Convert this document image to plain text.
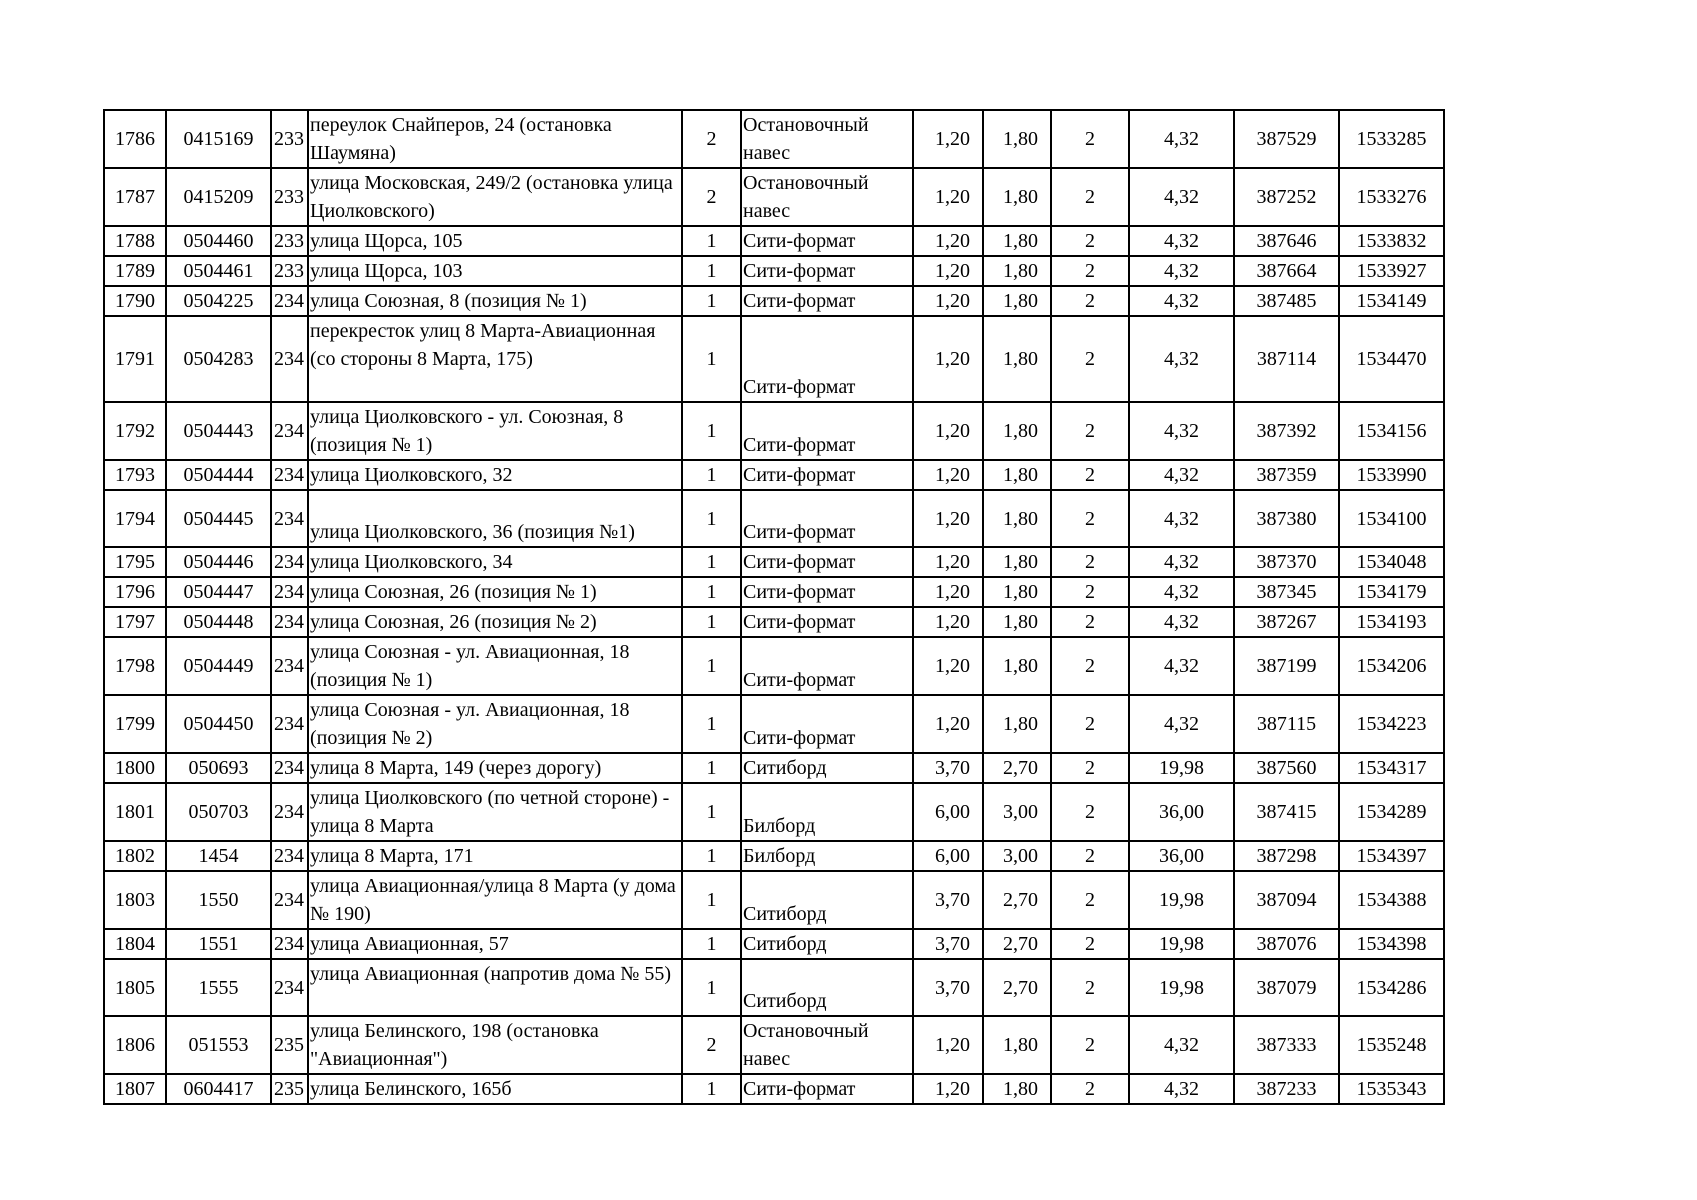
1786	0415169	233	переулок Снайперов, 24 (остановка Шаумяна)	2	Остановочный навес	1,20	1,80	2	4,32	387529	1533285
1787	0415209	233	улица Московская, 249/2 (остановка улица Циолковского)	2	Остановочный навес	1,20	1,80	2	4,32	387252	1533276
1788	0504460	233	улица Щорса, 105	1	Сити-формат	1,20	1,80	2	4,32	387646	1533832
1789	0504461	233	улица Щорса, 103	1	Сити-формат	1,20	1,80	2	4,32	387664	1533927
1790	0504225	234	улица Союзная, 8 (позиция № 1)	1	Сити-формат	1,20	1,80	2	4,32	387485	1534149
1791	0504283	234	перекресток улиц 8 Марта-Авиационная (со стороны 8 Марта, 175)	1	Сити-формат	1,20	1,80	2	4,32	387114	1534470
1792	0504443	234	улица Циолковского - ул. Союзная, 8 (позиция № 1)	1	Сити-формат	1,20	1,80	2	4,32	387392	1534156
1793	0504444	234	улица Циолковского, 32	1	Сити-формат	1,20	1,80	2	4,32	387359	1533990
1794	0504445	234	улица Циолковского, 36 (позиция №1)	1	Сити-формат	1,20	1,80	2	4,32	387380	1534100
1795	0504446	234	улица Циолковского, 34	1	Сити-формат	1,20	1,80	2	4,32	387370	1534048
1796	0504447	234	улица Союзная, 26 (позиция № 1)	1	Сити-формат	1,20	1,80	2	4,32	387345	1534179
1797	0504448	234	улица Союзная, 26 (позиция № 2)	1	Сити-формат	1,20	1,80	2	4,32	387267	1534193
1798	0504449	234	улица Союзная - ул. Авиационная, 18 (позиция № 1)	1	Сити-формат	1,20	1,80	2	4,32	387199	1534206
1799	0504450	234	улица Союзная - ул. Авиационная, 18 (позиция № 2)	1	Сити-формат	1,20	1,80	2	4,32	387115	1534223
1800	050693	234	улица 8 Марта, 149 (через дорогу)	1	Ситиборд	3,70	2,70	2	19,98	387560	1534317
1801	050703	234	улица Циолковского (по четной стороне) - улица 8 Марта	1	Билборд	6,00	3,00	2	36,00	387415	1534289
1802	1454	234	улица 8 Марта, 171	1	Билборд	6,00	3,00	2	36,00	387298	1534397
1803	1550	234	улица Авиационная/улица 8 Марта (у дома № 190)	1	Ситиборд	3,70	2,70	2	19,98	387094	1534388
1804	1551	234	улица Авиационная, 57	1	Ситиборд	3,70	2,70	2	19,98	387076	1534398
1805	1555	234	улица Авиационная (напротив дома № 55)	1	Ситиборд	3,70	2,70	2	19,98	387079	1534286
1806	051553	235	улица Белинского, 198 (остановка "Авиационная")	2	Остановочный навес	1,20	1,80	2	4,32	387333	1535248
1807	0604417	235	улица Белинского, 165б	1	Сити-формат	1,20	1,80	2	4,32	387233	1535343
